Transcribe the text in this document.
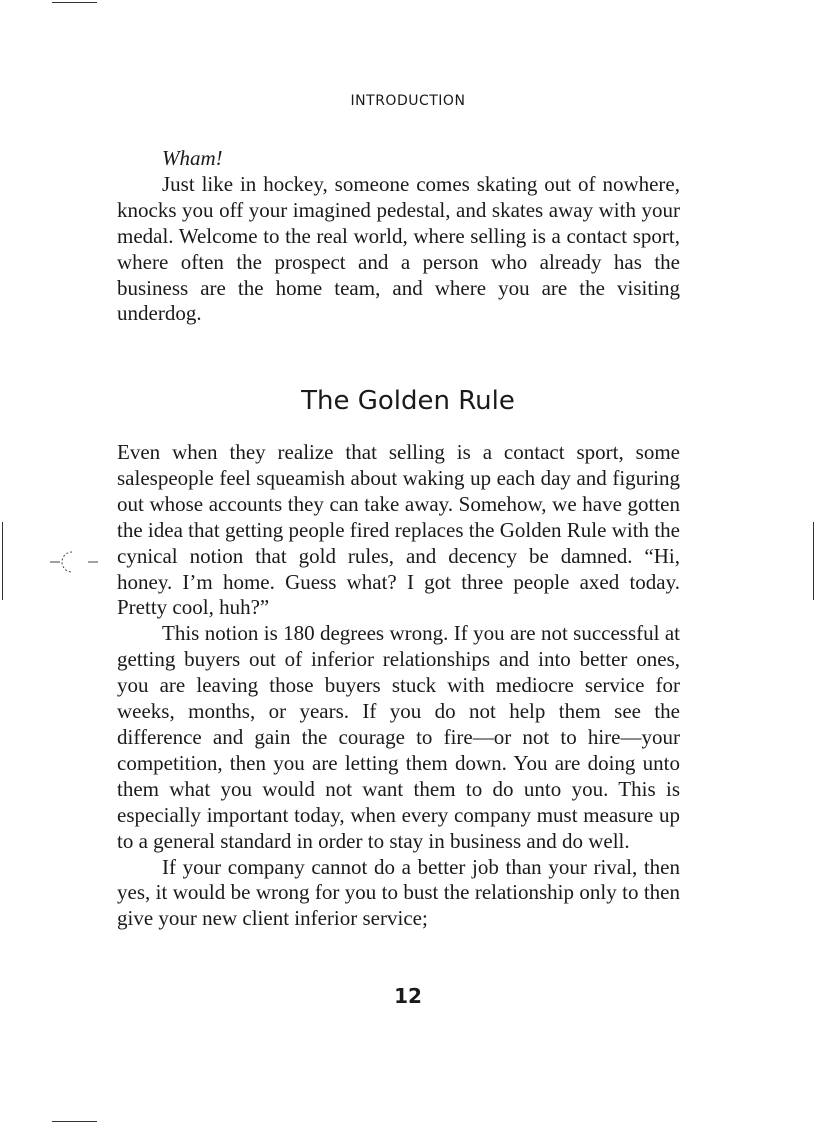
INTRODUCTION

Wham!

Just like in hockey, someone comes skating out of nowhere, knocks you off your imagined pedestal, and skates away with your medal. Welcome to the real world, where selling is a contact sport, where often the prospect and a person who already has the business are the home team, and where you are the visiting underdog.

The Golden Rule

Even when they realize that selling is a contact sport, some salespeople feel squeamish about waking up each day and figuring out whose accounts they can take away. Somehow, we have gotten the idea that getting people fired replaces the Golden Rule with the cynical notion that gold rules, and decency be damned. “Hi, honey. I’m home. Guess what? I got three people axed today. Pretty cool, huh?”

This notion is 180 degrees wrong. If you are not successful at getting buyers out of inferior relationships and into better ones, you are leaving those buyers stuck with mediocre service for weeks, months, or years. If you do not help them see the difference and gain the courage to fire—or not to hire—your competition, then you are letting them down. You are doing unto them what you would not want them to do unto you. This is especially important today, when every company must measure up to a general standard in order to stay in business and do well.

If your company cannot do a better job than your rival, then yes, it would be wrong for you to bust the relationship only to then give your new client inferior service;

12
